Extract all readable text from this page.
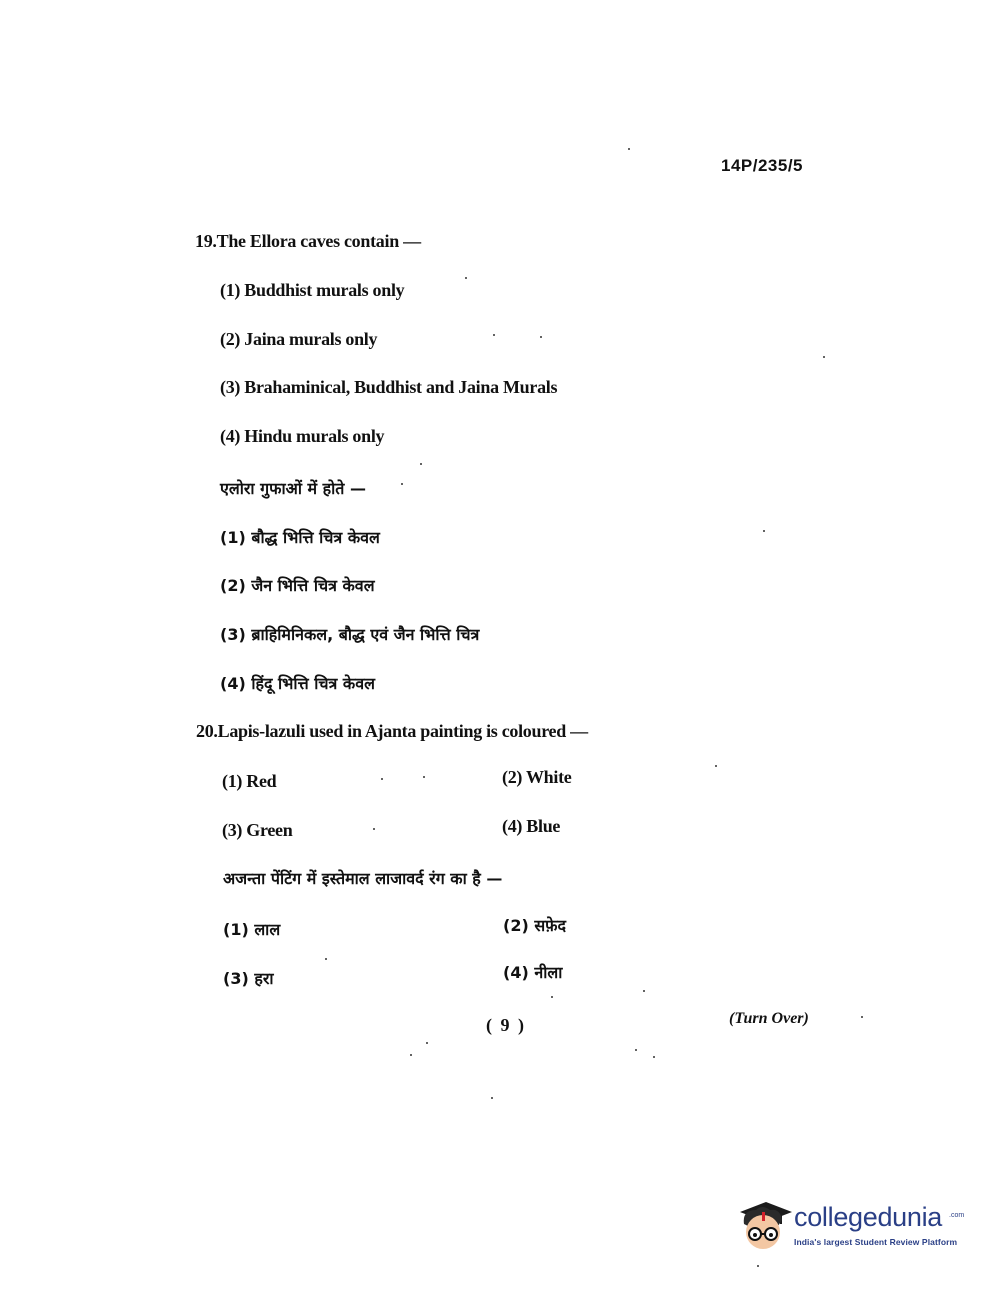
14P/235/5
19.The Ellora caves contain —
(1) Buddhist murals only
(2) Jaina murals only
(3) Brahaminical, Buddhist and Jaina Murals
(4) Hindu murals only
एलोरा गुफाओं में होते —
(1) बौद्ध भित्ति चित्र केवल
(2) जैन भित्ति चित्र केवल
(3) ब्राहिमिनिकल, बौद्ध एवं जैन भित्ति चित्र
(4) हिंदू भित्ति चित्र केवल
20.Lapis-lazuli used in Ajanta painting is coloured —
(1) Red	(2) White
(3) Green	(4) Blue
अजन्ता पेंटिंग में इस्तेमाल लाजावर्द रंग का है —
(1) लाल	(2) सफ़ेद
(3) हरा	(4) नीला
( 9 )	(Turn Over)
collegedunia .com
India's largest Student Review Platform
